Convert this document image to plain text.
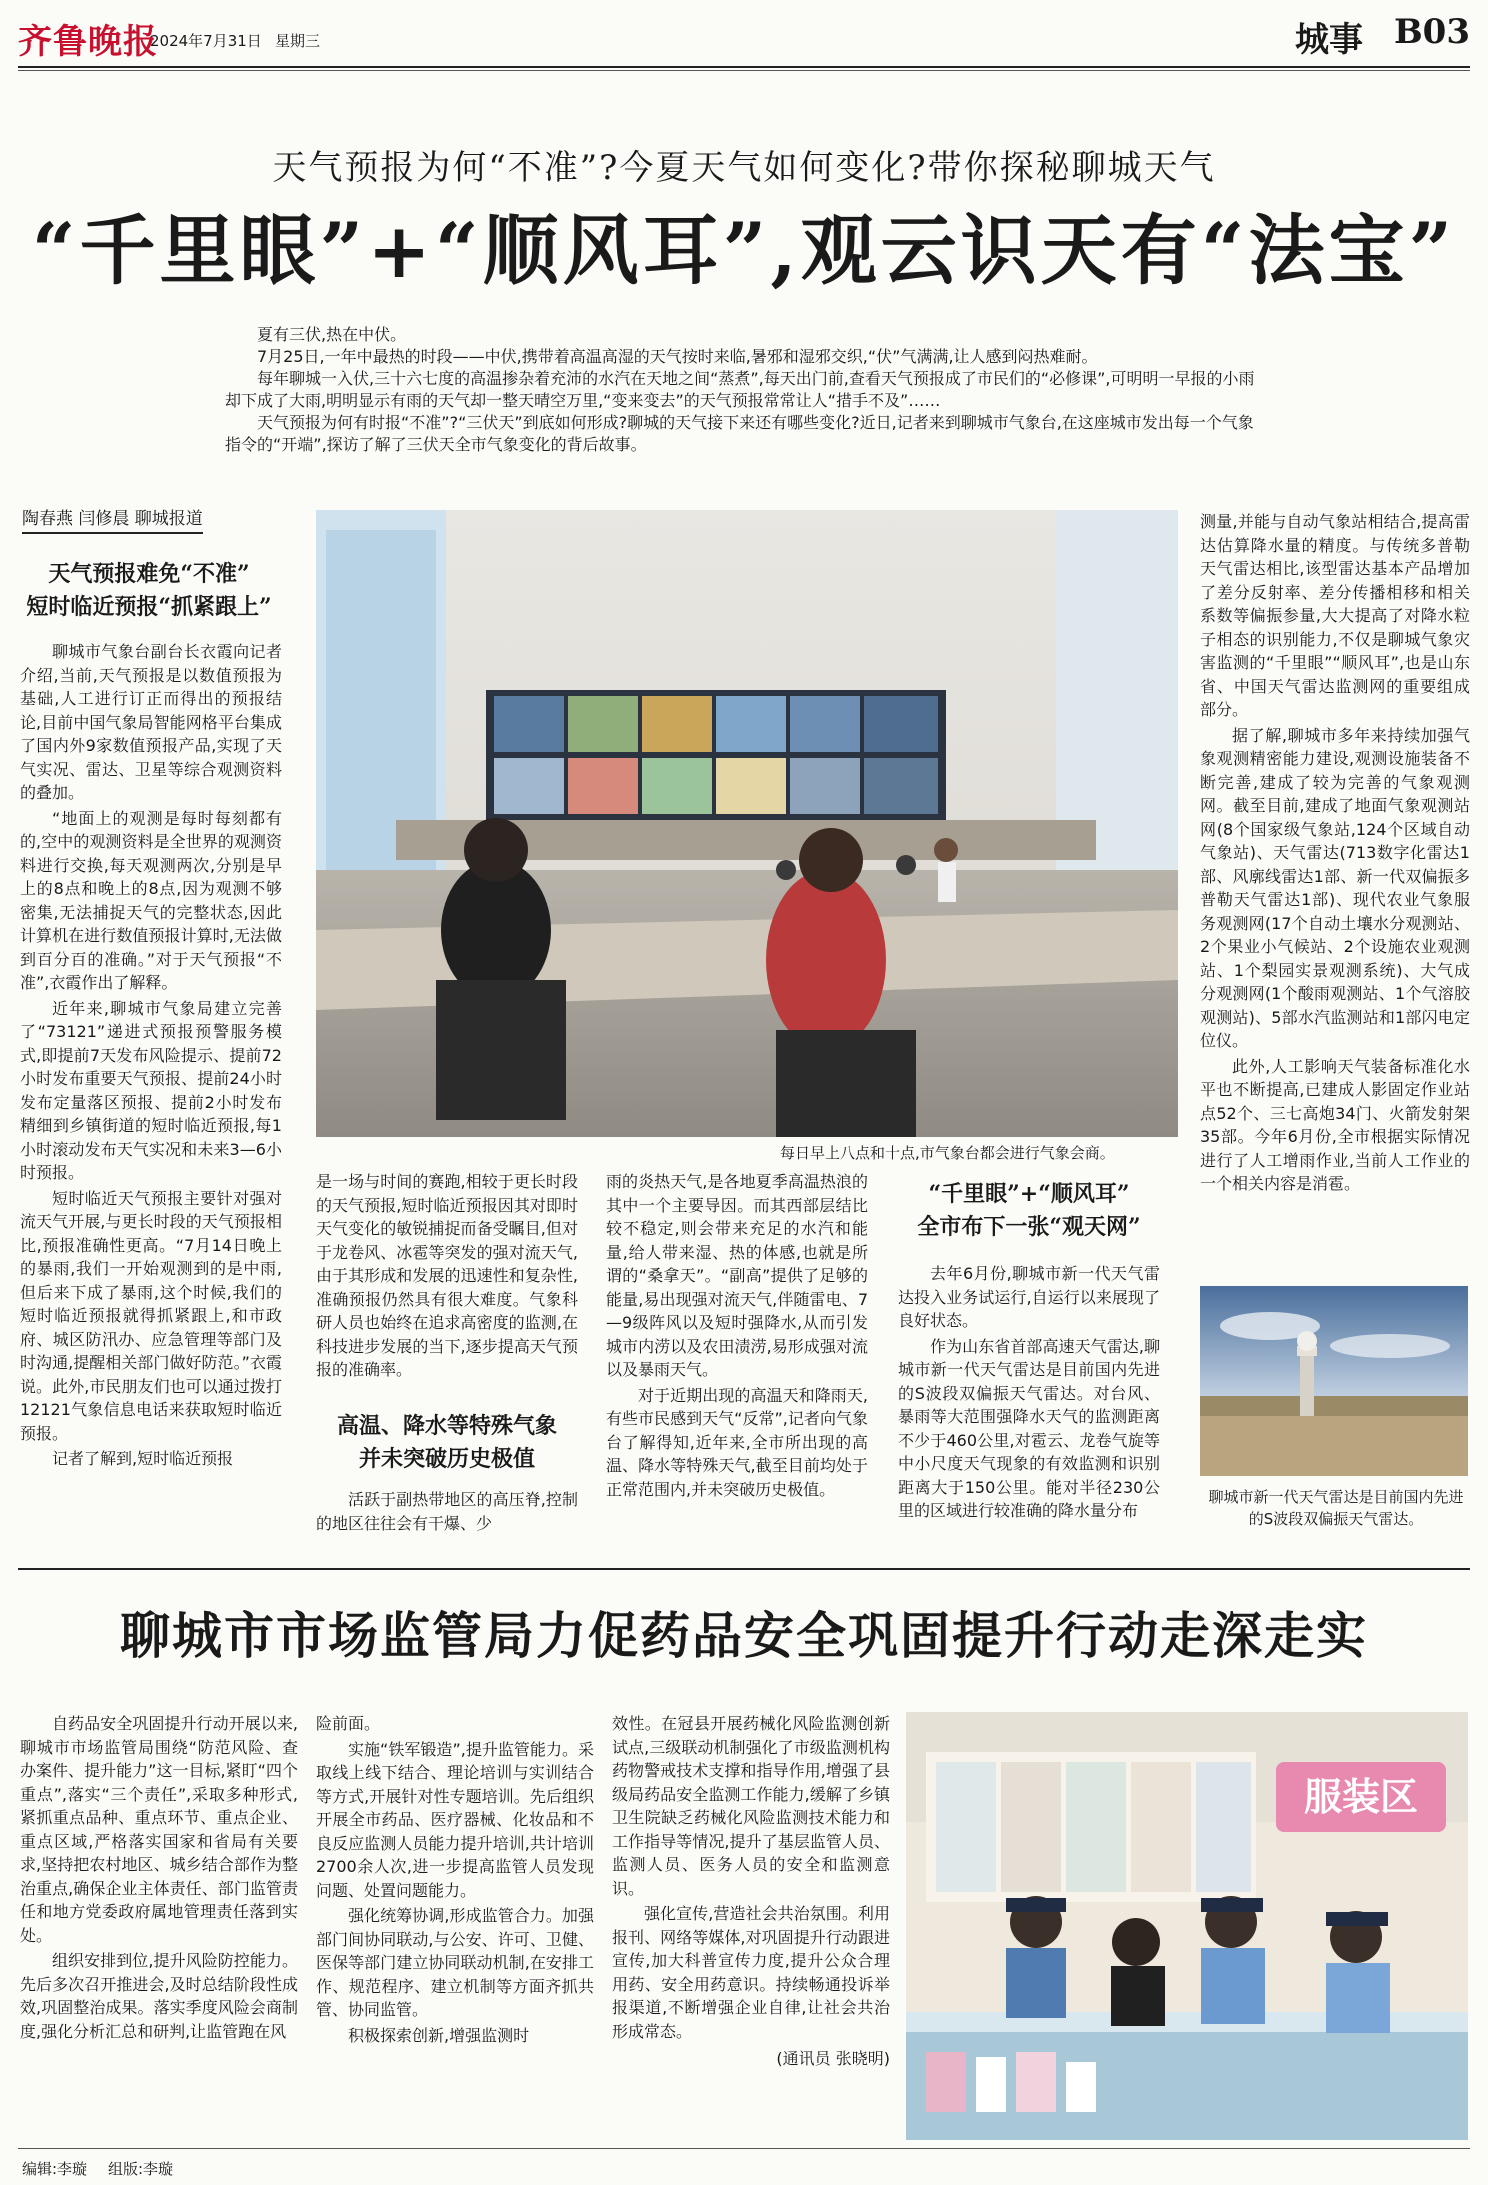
齐鲁晚报
2024年7月31日 星期三	城事 B03
天气预报为何“不准”?今夏天气如何变化?带你探秘聊城天气
“千里眼”+“顺风耳”,观云识天有“法宝”

夏有三伏,热在中伏。

7月25日,一年中最热的时段——中伏,携带着高温高湿的天气按时来临,暑邪和湿邪交织,“伏”气满满,让人感到闷热难耐。

每年聊城一入伏,三十六七度的高温掺杂着充沛的水汽在天地之间“蒸煮”,每天出门前,查看天气预报成了市民们的“必修课”,可明明一早报的小雨却下成了大雨,明明显示有雨的天气却一整天晴空万里,“变来变去”的天气预报常常让人“措手不及”……

天气预报为何有时报“不准”?“三伏天”到底如何形成?聊城的天气接下来还有哪些变化?近日,记者来到聊城市气象台,在这座城市发出每一个气象指令的“开端”,探访了解了三伏天全市气象变化的背后故事。

陶春燕 闫修晨 聊城报道
天气预报难免“不准”
短时临近预报“抓紧跟上”

聊城市气象台副台长衣霞向记者介绍,当前,天气预报是以数值预报为基础,人工进行订正而得出的预报结论,目前中国气象局智能网格平台集成了国内外9家数值预报产品,实现了天气实况、雷达、卫星等综合观测资料的叠加。

“地面上的观测是每时每刻都有的,空中的观测资料是全世界的观测资料进行交换,每天观测两次,分别是早上的8点和晚上的8点,因为观测不够密集,无法捕捉天气的完整状态,因此计算机在进行数值预报计算时,无法做到百分百的准确。”对于天气预报“不准”,衣霞作出了解释。

近年来,聊城市气象局建立完善了“73121”递进式预报预警服务模式,即提前7天发布风险提示、提前72小时发布重要天气预报、提前24小时发布定量落区预报、提前2小时发布精细到乡镇街道的短时临近预报,每1小时滚动发布天气实况和未来3—6小时预报。

短时临近天气预报主要针对强对流天气开展,与更长时段的天气预报相比,预报准确性更高。“7月14日晚上的暴雨,我们一开始观测到的是中雨,但后来下成了暴雨,这个时候,我们的短时临近预报就得抓紧跟上,和市政府、城区防汛办、应急管理等部门及时沟通,提醒相关部门做好防范。”衣霞说。此外,市民朋友们也可以通过拨打12121气象信息电话来获取短时临近预报。

记者了解到,短时临近预报

每日早上八点和十点,市气象台都会进行气象会商。

是一场与时间的赛跑,相较于更长时段的天气预报,短时临近预报因其对即时天气变化的敏锐捕捉而备受瞩目,但对于龙卷风、冰雹等突发的强对流天气,由于其形成和发展的迅速性和复杂性,准确预报仍然具有很大难度。气象科研人员也始终在追求高密度的监测,在科技进步发展的当下,逐步提高天气预报的准确率。

高温、降水等特殊气象
并未突破历史极值

活跃于副热带地区的高压脊,控制的地区往往会有干爆、少

雨的炎热天气,是各地夏季高温热浪的其中一个主要导因。而其西部层结比较不稳定,则会带来充足的水汽和能量,给人带来湿、热的体感,也就是所谓的“桑拿天”。“副高”提供了足够的能量,易出现强对流天气,伴随雷电、7—9级阵风以及短时强降水,从而引发城市内涝以及农田渍涝,易形成强对流以及暴雨天气。

对于近期出现的高温天和降雨天,有些市民感到天气“反常”,记者向气象台了解得知,近年来,全市所出现的高温、降水等特殊天气,截至目前均处于正常范围内,并未突破历史极值。

“千里眼”+“顺风耳”
全市布下一张“观天网”

去年6月份,聊城市新一代天气雷达投入业务试运行,自运行以来展现了良好状态。

作为山东省首部高速天气雷达,聊城市新一代天气雷达是目前国内先进的S波段双偏振天气雷达。对台风、暴雨等大范围强降水天气的监测距离不少于460公里,对雹云、龙卷气旋等中小尺度天气现象的有效监测和识别距离大于150公里。能对半径230公里的区域进行较准确的降水量分布

测量,并能与自动气象站相结合,提高雷达估算降水量的精度。与传统多普勒天气雷达相比,该型雷达基本产品增加了差分反射率、差分传播相移和相关系数等偏振参量,大大提高了对降水粒子相态的识别能力,不仅是聊城气象灾害监测的“千里眼”“顺风耳”,也是山东省、中国天气雷达监测网的重要组成部分。

据了解,聊城市多年来持续加强气象观测精密能力建设,观测设施装备不断完善,建成了较为完善的气象观测网。截至目前,建成了地面气象观测站网(8个国家级气象站,124个区域自动气象站)、天气雷达(713数字化雷达1部、风廓线雷达1部、新一代双偏振多普勒天气雷达1部)、现代农业气象服务观测网(17个自动土壤水分观测站、2个果业小气候站、2个设施农业观测站、1个梨园实景观测系统)、大气成分观测网(1个酸雨观测站、1个气溶胶观测站)、5部水汽监测站和1部闪电定位仪。

此外,人工影响天气装备标准化水平也不断提高,已建成人影固定作业站点52个、三七高炮34门、火箭发射架35部。今年6月份,全市根据实际情况进行了人工增雨作业,当前人工作业的一个相关内容是消雹。

聊城市新一代天气雷达是目前国内先进的S波段双偏振天气雷达。
聊城市市场监管局力促药品安全巩固提升行动走深走实

自药品安全巩固提升行动开展以来,聊城市市场监管局围绕“防范风险、查办案件、提升能力”这一目标,紧盯“四个重点”,落实“三个责任”,采取多种形式,紧抓重点品种、重点环节、重点企业、重点区域,严格落实国家和省局有关要求,坚持把农村地区、城乡结合部作为整治重点,确保企业主体责任、部门监管责任和地方党委政府属地管理责任落到实处。

组织安排到位,提升风险防控能力。先后多次召开推进会,及时总结阶段性成效,巩固整治成果。落实季度风险会商制度,强化分析汇总和研判,让监管跑在风

险前面。

实施“铁军锻造”,提升监管能力。采取线上线下结合、理论培训与实训结合等方式,开展针对性专题培训。先后组织开展全市药品、医疗器械、化妆品和不良反应监测人员能力提升培训,共计培训2700余人次,进一步提高监管人员发现问题、处置问题能力。

强化统筹协调,形成监管合力。加强部门间协同联动,与公安、许可、卫健、医保等部门建立协同联动机制,在安排工作、规范程序、建立机制等方面齐抓共管、协同监管。

积极探索创新,增强监测时

效性。在冠县开展药械化风险监测创新试点,三级联动机制强化了市级监测机构药物警戒技术支撑和指导作用,增强了县级局药品安全监测工作能力,缓解了乡镇卫生院缺乏药械化风险监测技术能力和工作指导等情况,提升了基层监管人员、监测人员、医务人员的安全和监测意识。

强化宣传,营造社会共治氛围。利用报刊、网络等媒体,对巩固提升行动跟进宣传,加大科普宣传力度,提升公众合理用药、安全用药意识。持续畅通投诉举报渠道,不断增强企业自律,让社会共治形成常态。

(通讯员 张晓明)

服装区
编辑:李璇 组版:李璇
